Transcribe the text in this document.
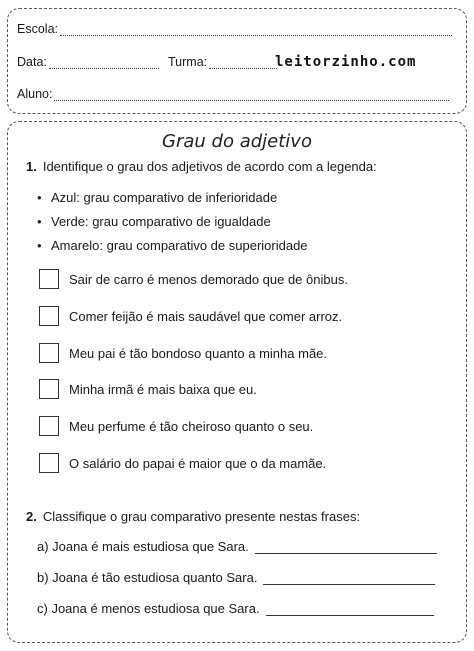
Escola:
Data:	Turma:	leitorzinho.com
Aluno:
Grau do adjetivo
1. Identifique o grau dos adjetivos de acordo com a legenda:
• Azul: grau comparativo de inferioridade
• Verde: grau comparativo de igualdade
• Amarelo: grau comparativo de superioridade
Sair de carro é menos demorado que de ônibus.
Comer feijão é mais saudável que comer arroz.
Meu pai é tão bondoso quanto a minha mãe.
Minha irmã é mais baixa que eu.
Meu perfume é tão cheiroso quanto o seu.
O salário do papai é maior que o da mamãe.
2. Classifique o grau comparativo presente nestas frases:
a) Joana é mais estudiosa que Sara.
b) Joana é tão estudiosa quanto Sara.
c) Joana é menos estudiosa que Sara.
